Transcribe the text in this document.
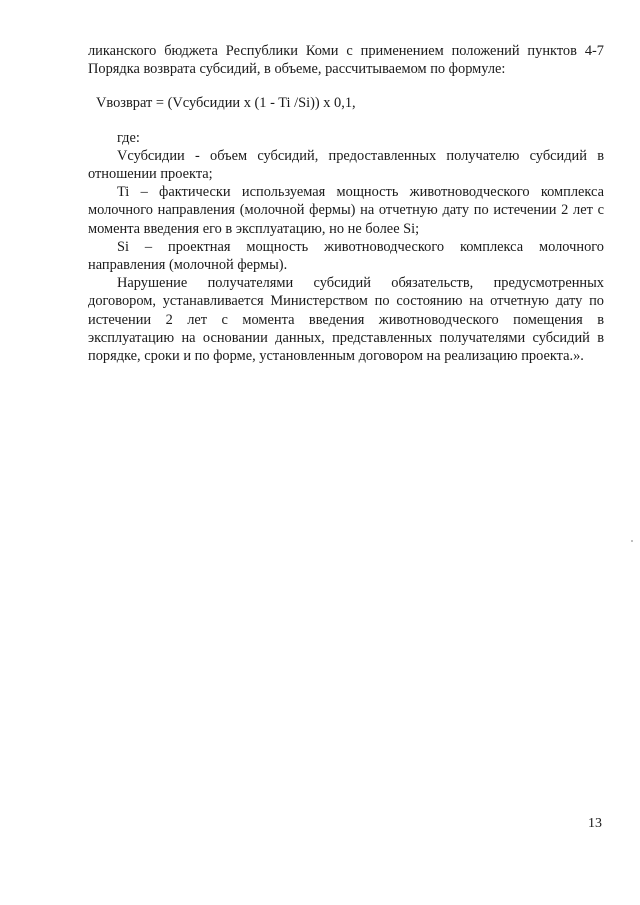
ликанского бюджета Республики Коми с применением положений пунктов 4-7 Порядка возврата субсидий, в объеме, рассчитываемом по формуле:

Vвозврат = (Vсубсидии x (1 - Ti /Si)) x 0,1,

где:

Vсубсидии - объем субсидий, предоставленных получателю субсидий в отношении проекта;

Ti – фактически используемая мощность животноводческого комплекса молочного направления (молочной фермы) на отчетную дату по истечении 2 лет с момента введения его в эксплуатацию, но не более Si;

Si – проектная мощность животноводческого комплекса молочного направления (молочной фермы).

Нарушение получателями субсидий обязательств, предусмотренных договором, устанавливается Министерством по состоянию на отчетную дату по истечении 2 лет с момента введения животноводческого помещения в эксплуатацию на основании данных, представленных получателями субсидий в порядке, сроки и по форме, установленным договором на реализацию проекта.».

13
